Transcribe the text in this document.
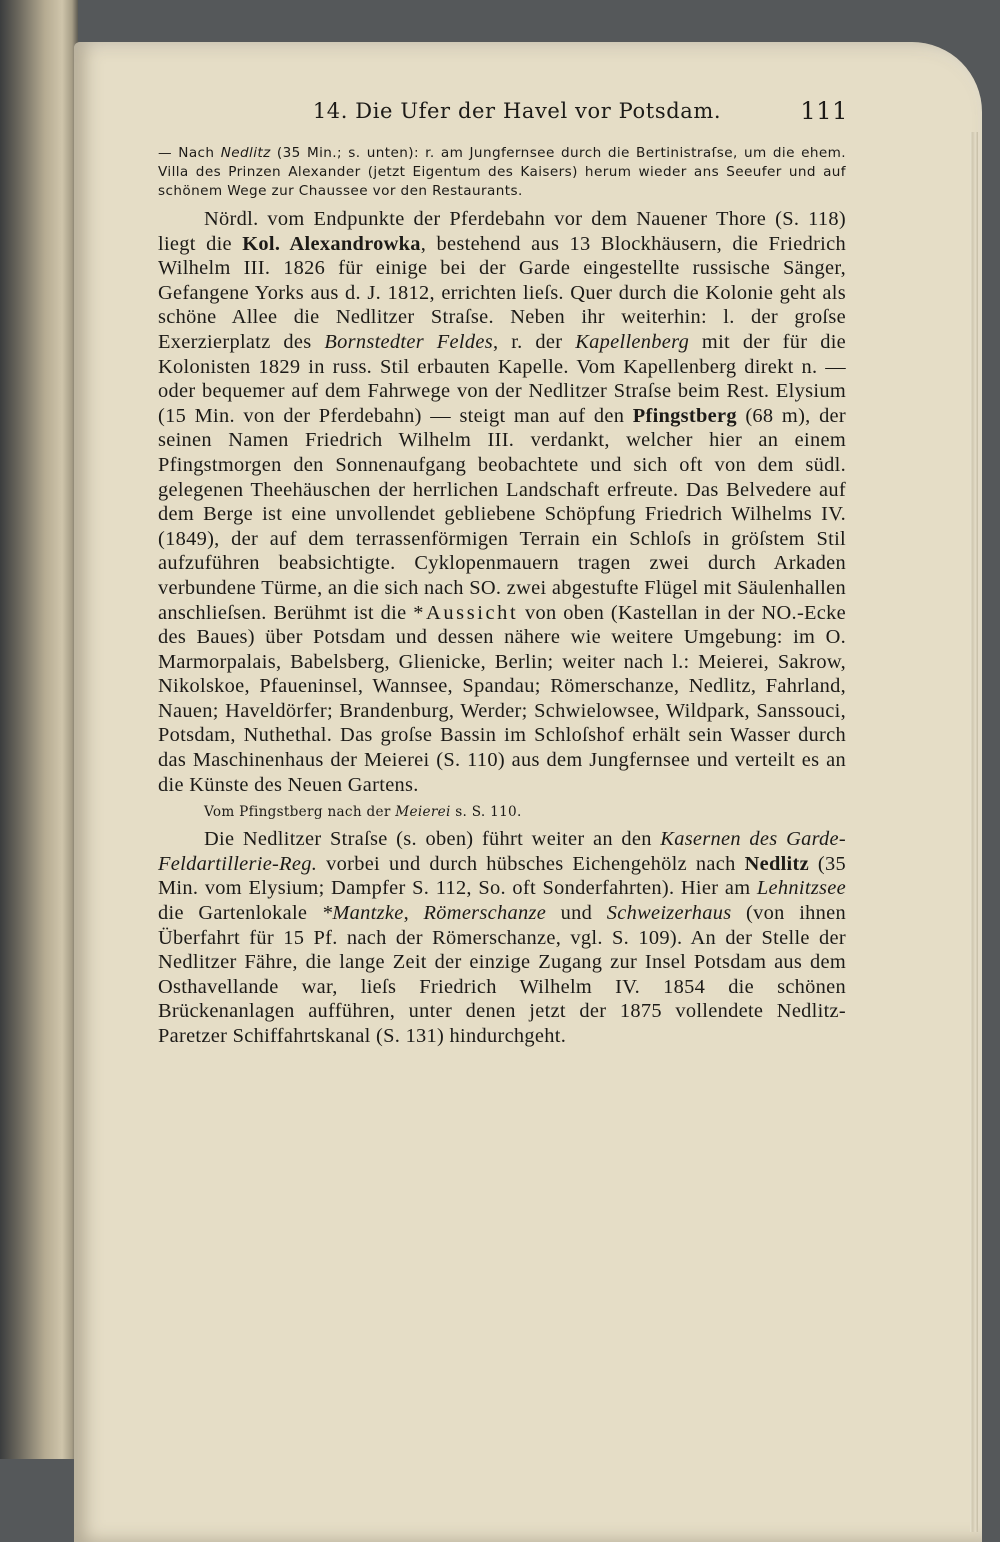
14. Die Ufer der Havel vor Potsdam.	111

— Nach Nedlitz (35 Min.; s. unten): r. am Jungfernsee durch die Bertinistraſse, um die ehem. Villa des Prinzen Alexander (jetzt Eigentum des Kaisers) herum wieder ans Seeufer und auf schönem Wege zur Chaussee vor den Restaurants.

Nördl. vom Endpunkte der Pferdebahn vor dem Nauener Thore (S. 118) liegt die Kol. Alexandrowka, bestehend aus 13 Blockhäusern, die Friedrich Wilhelm III. 1826 für einige bei der Garde eingestellte russische Sänger, Gefangene Yorks aus d. J. 1812, errichten lieſs. Quer durch die Kolonie geht als schöne Allee die Nedlitzer Straſse. Neben ihr weiterhin: l. der groſse Exerzierplatz des Bornstedter Feldes, r. der Kapellenberg mit der für die Kolonisten 1829 in russ. Stil erbauten Kapelle. Vom Kapellenberg direkt n. — oder bequemer auf dem Fahrwege von der Nedlitzer Straſse beim Rest. Elysium (15 Min. von der Pferdebahn) — steigt man auf den Pfingstberg (68 m), der seinen Namen Friedrich Wilhelm III. verdankt, welcher hier an einem Pfingstmorgen den Sonnenaufgang beobachtete und sich oft von dem südl. gelegenen Theehäuschen der herrlichen Landschaft erfreute. Das Belvedere auf dem Berge ist eine unvollendet gebliebene Schöpfung Friedrich Wilhelms IV. (1849), der auf dem terrassenförmigen Terrain ein Schloſs in gröſstem Stil aufzuführen beabsichtigte. Cyklopenmauern tragen zwei durch Arkaden verbundene Türme, an die sich nach SO. zwei abgestufte Flügel mit Säulenhallen anschlieſsen. Berühmt ist die *Aussicht von oben (Kastellan in der NO.-Ecke des Baues) über Potsdam und dessen nähere wie weitere Umgebung: im O. Marmorpalais, Babelsberg, Glienicke, Berlin; weiter nach l.: Meierei, Sakrow, Nikolskoe, Pfaueninsel, Wannsee, Spandau; Römerschanze, Nedlitz, Fahrland, Nauen; Haveldörfer; Brandenburg, Werder; Schwielowsee, Wildpark, Sanssouci, Potsdam, Nuthethal. Das groſse Bassin im Schloſshof erhält sein Wasser durch das Maschinenhaus der Meierei (S. 110) aus dem Jungfernsee und verteilt es an die Künste des Neuen Gartens.

Vom Pfingstberg nach der Meierei s. S. 110.

Die Nedlitzer Straſse (s. oben) führt weiter an den Kasernen des Garde-Feldartillerie-Reg. vorbei und durch hübsches Eichengehölz nach Nedlitz (35 Min. vom Elysium; Dampfer S. 112, So. oft Sonderfahrten). Hier am Lehnitzsee die Gartenlokale *Mantzke, Römerschanze und Schweizerhaus (von ihnen Überfahrt für 15 Pf. nach der Römerschanze, vgl. S. 109). An der Stelle der Nedlitzer Fähre, die lange Zeit der einzige Zugang zur Insel Potsdam aus dem Osthavellande war, lieſs Friedrich Wilhelm IV. 1854 die schönen Brückenanlagen aufführen, unter denen jetzt der 1875 vollendete Nedlitz-Paretzer Schiffahrtskanal (S. 131) hindurchgeht.
